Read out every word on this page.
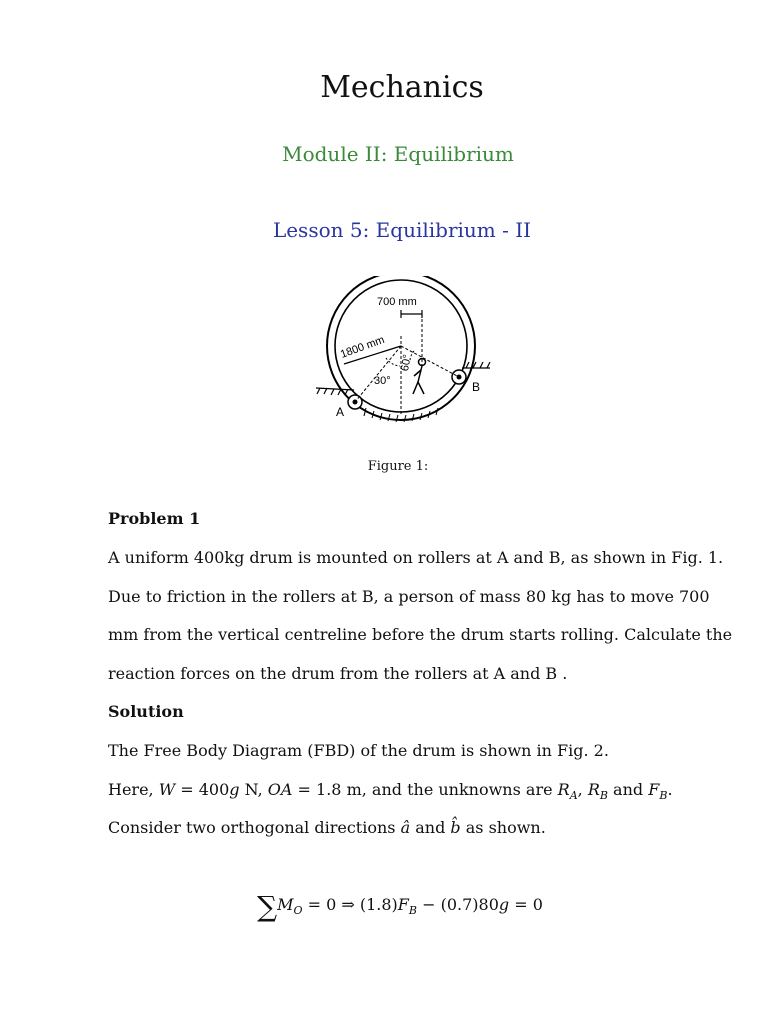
Mechanics
Module II: Equilibrium
Lesson 5: Equilibrium - II
700 mm
1800 mm
60°
30°
A
B
Figure 1:
Problem 1
A uniform 400kg drum is mounted on rollers at A and B, as shown in Fig. 1.
Due to friction in the rollers at B, a person of mass 80 kg has to move 700
mm from the vertical centreline before the drum starts rolling. Calculate the
reaction forces on the drum from the rollers at A and B .
Solution
The Free Body Diagram (FBD) of the drum is shown in Fig. 2.
Here, W = 400g N, OA = 1.8 m, and the unknowns are $R_A$, $R_B$ and $F_B$.
Consider two orthogonal directions â and b̂ as shown.
$\sum M_O = 0$ ⇒ $(1.8)F_B - (0.7)80g = 0$
